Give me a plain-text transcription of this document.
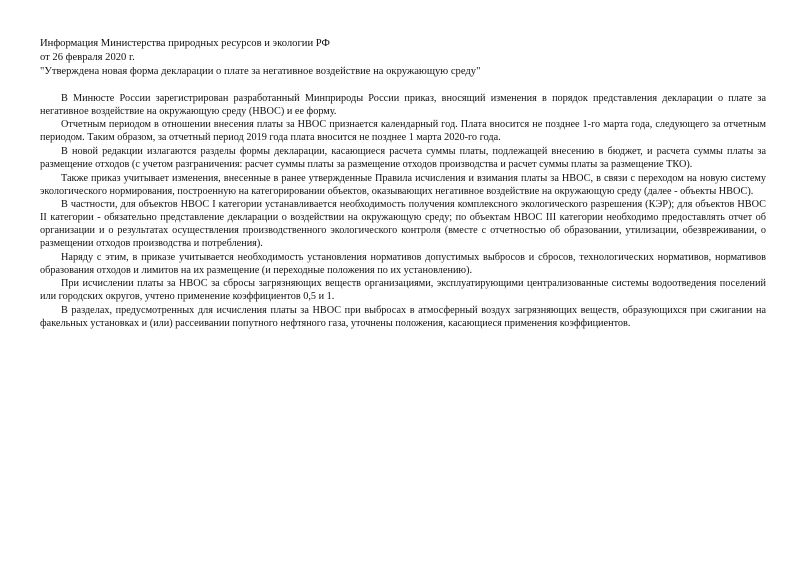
Информация Министерства природных ресурсов и экологии РФ
от 26 февраля 2020 г.
"Утверждена новая форма декларации о плате за негативное воздействие на окружающую среду"

В Минюсте России зарегистрирован разработанный Минприроды России приказ, вносящий изменения в порядок представления декларации о плате за негативное воздействие на окружающую среду (НВОС) и ее форму.

Отчетным периодом в отношении внесения платы за НВОС признается календарный год. Плата вносится не позднее 1-го марта года, следующего за отчетным периодом. Таким образом, за отчетный период 2019 года плата вносится не позднее 1 марта 2020-го года.

В новой редакции излагаются разделы формы декларации, касающиеся расчета суммы платы, подлежащей внесению в бюджет, и расчета суммы платы за размещение отходов (с учетом разграничения: расчет суммы платы за размещение отходов производства и расчет суммы платы за размещение ТКО).

Также приказ учитывает изменения, внесенные в ранее утвержденные Правила исчисления и взимания платы за НВОС, в связи с переходом на новую систему экологического нормирования, построенную на категорировании объектов, оказывающих негативное воздействие на окружающую среду (далее - объекты НВОС).

В частности, для объектов НВОС I категории устанавливается необходимость получения комплексного экологического разрешения (КЭР); для объектов НВОС II категории - обязательно представление декларации о воздействии на окружающую среду; по объектам НВОС III категории необходимо предоставлять отчет об организации и о результатах осуществления производственного экологического контроля (вместе с отчетностью об образовании, утилизации, обезвреживании, о размещении отходов производства и потребления).

Наряду с этим, в приказе учитывается необходимость установления нормативов допустимых выбросов и сбросов, технологических нормативов, нормативов образования отходов и лимитов на их размещение (и переходные положения по их установлению).

При исчислении платы за НВОС за сбросы загрязняющих веществ организациями, эксплуатирующими централизованные системы водоотведения поселений или городских округов, учтено применение коэффициентов 0,5 и 1.

В разделах, предусмотренных для исчисления платы за НВОС при выбросах в атмосферный воздух загрязняющих веществ, образующихся при сжигании на факельных установках и (или) рассеивании попутного нефтяного газа, уточнены положения, касающиеся применения коэффициентов.
